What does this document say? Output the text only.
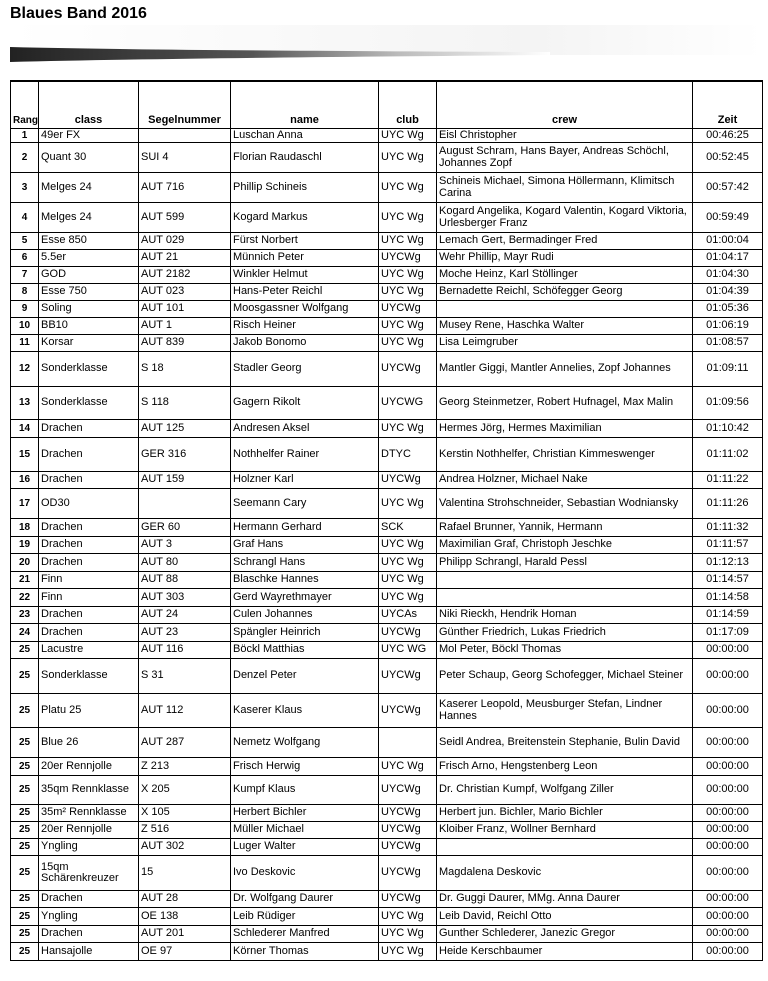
Blaues Band 2016
Rang	class	Segelnummer	name	club	crew	Zeit
1	49er FX		Luschan Anna	UYC Wg	Eisl Christopher	00:46:25
2	Quant 30	SUI 4	Florian Raudaschl	UYC Wg	August Schram, Hans Bayer, Andreas Schöchl, Johannes Zopf	00:52:45
3	Melges 24	AUT 716	Phillip Schineis	UYC Wg	Schineis Michael, Simona Höllermann, Klimitsch Carina	00:57:42
4	Melges 24	AUT 599	Kogard Markus	UYC Wg	Kogard Angelika, Kogard Valentin, Kogard Viktoria, Urlesberger Franz	00:59:49
5	Esse 850	AUT 029	Fürst Norbert	UYC Wg	Lemach Gert, Bermadinger Fred	01:00:04
6	5.5er	AUT 21	Münnich Peter	UYCWg	Wehr Phillip, Mayr Rudi	01:04:17
7	GOD	AUT 2182	Winkler Helmut	UYC Wg	Moche Heinz, Karl Stöllinger	01:04:30
8	Esse 750	AUT 023	Hans-Peter Reichl	UYC Wg	Bernadette Reichl, Schöfegger Georg	01:04:39
9	Soling	AUT 101	Moosgassner Wolfgang	UYCWg		01:05:36
10	BB10	AUT 1	Risch Heiner	UYC Wg	Musey Rene, Haschka Walter	01:06:19
11	Korsar	AUT 839	Jakob Bonomo	UYC Wg	Lisa Leimgruber	01:08:57
12	Sonderklasse	S 18	Stadler Georg	UYCWg	Mantler Giggi, Mantler Annelies, Zopf Johannes	01:09:11
13	Sonderklasse	S 118	Gagern Rikolt	UYCWG	Georg Steinmetzer, Robert Hufnagel, Max Malin	01:09:56
14	Drachen	AUT 125	Andresen Aksel	UYC Wg	Hermes Jörg, Hermes Maximilian	01:10:42
15	Drachen	GER 316	Nothhelfer Rainer	DTYC	Kerstin Nothhelfer, Christian Kimmeswenger	01:11:02
16	Drachen	AUT 159	Holzner Karl	UYCWg	Andrea Holzner, Michael Nake	01:11:22
17	OD30		Seemann Cary	UYC Wg	Valentina Strohschneider, Sebastian Wodniansky	01:11:26
18	Drachen	GER 60	Hermann Gerhard	SCK	Rafael Brunner, Yannik, Hermann	01:11:32
19	Drachen	AUT 3	Graf Hans	UYC Wg	Maximilian Graf, Christoph Jeschke	01:11:57
20	Drachen	AUT 80	Schrangl Hans	UYC Wg	Philipp Schrangl, Harald Pessl	01:12:13
21	Finn	AUT 88	Blaschke Hannes	UYC Wg		01:14:57
22	Finn	AUT 303	Gerd Wayrethmayer	UYC Wg		01:14:58
23	Drachen	AUT 24	Culen Johannes	UYCAs	Niki Rieckh, Hendrik Homan	01:14:59
24	Drachen	AUT 23	Spängler Heinrich	UYCWg	Günther Friedrich, Lukas Friedrich	01:17:09
25	Lacustre	AUT 116	Böckl Matthias	UYC WG	Mol Peter, Böckl Thomas	00:00:00
25	Sonderklasse	S 31	Denzel Peter	UYCWg	Peter Schaup, Georg Schofegger, Michael Steiner	00:00:00
25	Platu 25	AUT 112	Kaserer Klaus	UYCWg	Kaserer Leopold, Meusburger Stefan, Lindner Hannes	00:00:00
25	Blue 26	AUT 287	Nemetz Wolfgang		Seidl Andrea, Breitenstein Stephanie, Bulin David	00:00:00
25	20er Rennjolle	Z 213	Frisch Herwig	UYC Wg	Frisch Arno, Hengstenberg Leon	00:00:00
25	35qm Rennklasse	X 205	Kumpf Klaus	UYCWg	Dr. Christian Kumpf, Wolfgang Ziller	00:00:00
25	35m² Rennklasse	X 105	Herbert Bichler	UYCWg	Herbert jun. Bichler, Mario Bichler	00:00:00
25	20er Rennjolle	Z 516	Müller Michael	UYCWg	Kloiber Franz, Wollner Bernhard	00:00:00
25	Yngling	AUT 302	Luger Walter	UYCWg		00:00:00
25	15qm Schärenkreuzer	15	Ivo Deskovic	UYCWg	Magdalena Deskovic	00:00:00
25	Drachen	AUT 28	Dr. Wolfgang Daurer	UYCWg	Dr. Guggi Daurer, MMg. Anna Daurer	00:00:00
25	Yngling	OE 138	Leib Rüdiger	UYC Wg	Leib David, Reichl Otto	00:00:00
25	Drachen	AUT 201	Schlederer Manfred	UYC Wg	Gunther Schlederer, Janezic Gregor	00:00:00
25	Hansajolle	OE 97	Körner Thomas	UYC Wg	Heide Kerschbaumer	00:00:00
